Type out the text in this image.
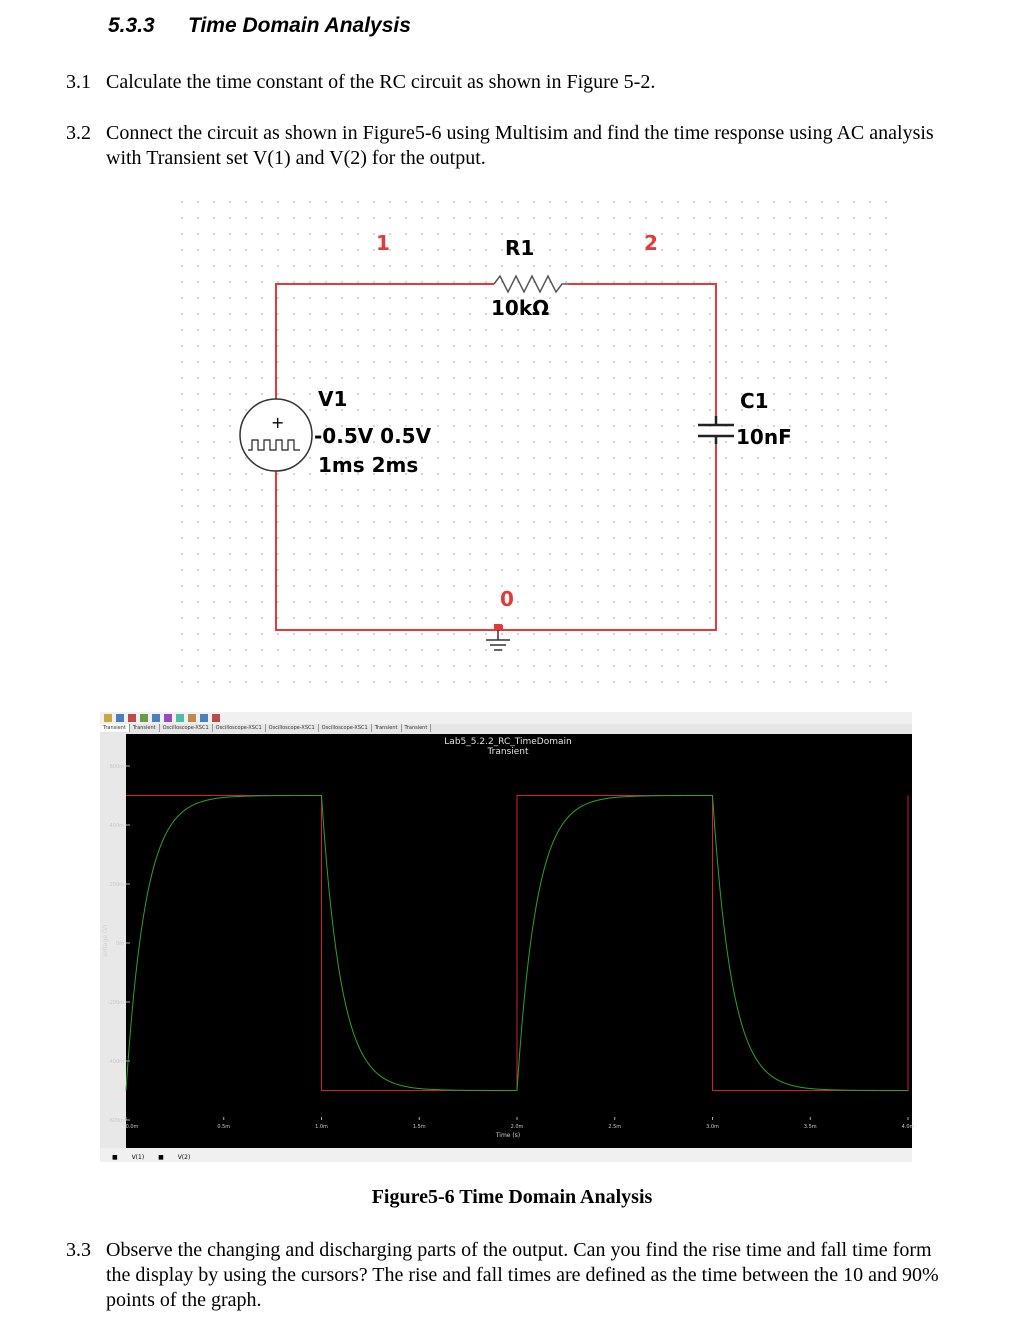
5.3.3 Time Domain Analysis
3.1 Calculate the time constant of the RC circuit as shown in Figure 5-2.
3.2 Connect the circuit as shown in Figure5-6 using Multisim and find the time response using AC analysis
with Transient set V(1) and V(2) for the output.
+
1	2
0
R1
10kΩ
V1
-0.5V 0.5V
1ms 2ms
C1
10nF
Transient Transient Oscilloscope-XSC1 Oscilloscope-XSC1 Oscilloscope-XSC1 Oscilloscope-XSC1 Transient Transient
Lab5_5.2.2_RC_TimeDomain
Transient
Time (s)
Voltage (V)
600m
400m
200m
0m
-200m
-400m
-600m
0.0m	0.5m	1.0m	1.5m	2.0m	2.5m	3.0m	3.5m	4.0m
■ V(1) ■ V(2)
Figure5-6 Time Domain Analysis
3.3 Observe the changing and discharging parts of the output. Can you find the rise time and fall time form
the display by using the cursors? The rise and fall times are defined as the time between the 10 and 90%
points of the graph.
